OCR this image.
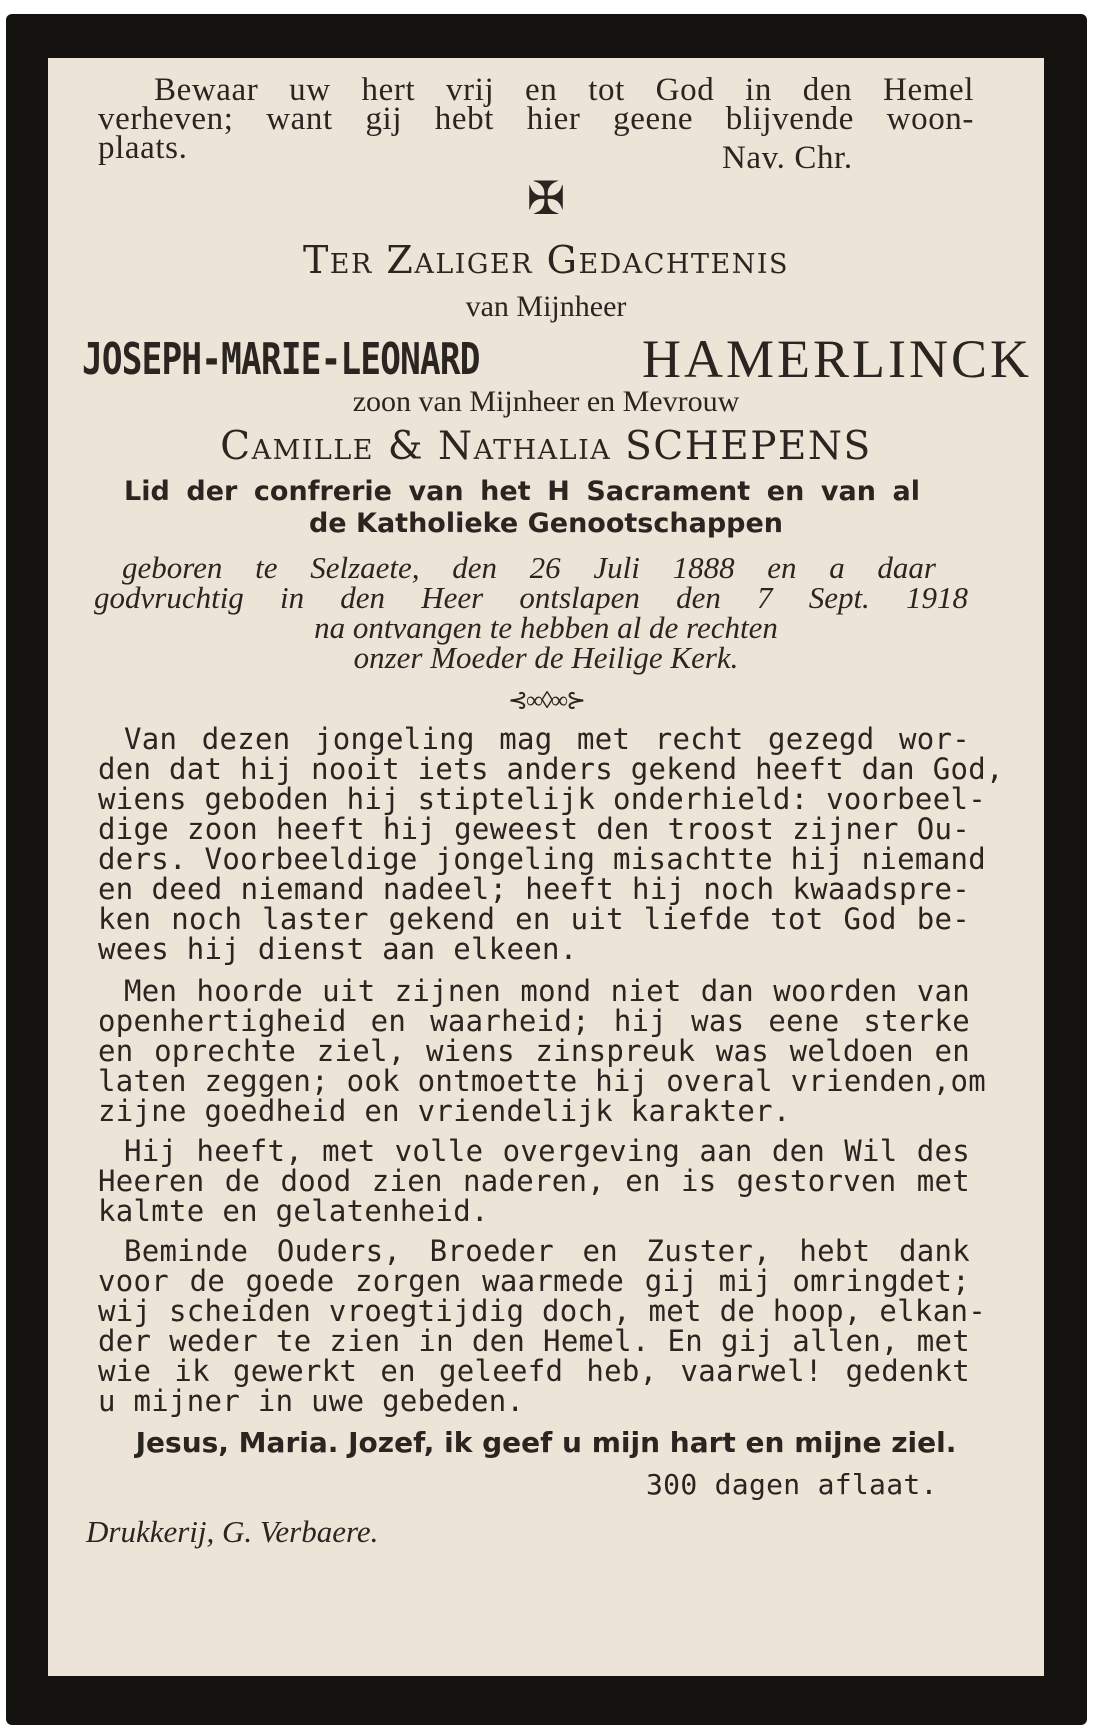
Bewaar uw hert vrij en tot God in den Hemel
verheven; want gij hebt hier geene blijvende woon-
plaats.	Nav. Chr.
✠
Ter Zaliger Gedachtenis
van Mijnheer
JOSEPH-MARIE-LEONARD	HAMERLINCK
zoon van Mijnheer en Mevrouw
Camille & Nathalia SCHEPENS
Lid der confrerie van het H Sacrament en van al
de Katholieke Genootschappen
geboren te Selzaete, den 26 Juli 1888 en a daar
godvruchtig in den Heer ontslapen den 7 Sept. 1918
na ontvangen te hebben al de rechten
onzer Moeder de Heilige Kerk.
⊰∞◊∞⊱
Van dezen jongeling mag met recht gezegd wor-
den dat hij nooit iets anders gekend heeft dan God,
wiens geboden hij stiptelijk onderhield: voorbeel-
dige zoon heeft hij geweest den troost zijner Ou-
ders. Voorbeeldige jongeling misachtte hij niemand
en deed niemand nadeel; heeft hij noch kwaadspre-
ken noch laster gekend en uit liefde tot God be-
wees hij dienst aan elkeen.
Men hoorde uit zijnen mond niet dan woorden van
openhertigheid en waarheid; hij was eene sterke
en oprechte ziel, wiens zinspreuk was weldoen en
laten zeggen; ook ontmoette hij overal vrienden,om
zijne goedheid en vriendelijk karakter.
Hij heeft, met volle overgeving aan den Wil des
Heeren de dood zien naderen, en is gestorven met
kalmte en gelatenheid.
Beminde Ouders, Broeder en Zuster, hebt dank
voor de goede zorgen waarmede gij mij omringdet;
wij scheiden vroegtijdig doch, met de hoop, elkan-
der weder te zien in den Hemel. En gij allen, met
wie ik gewerkt en geleefd heb, vaarwel! gedenkt
u mijner in uwe gebeden.
Jesus, Maria. Jozef, ik geef u mijn hart en mijne ziel.
300 dagen aflaat.
Drukkerij, G. Verbaere.
